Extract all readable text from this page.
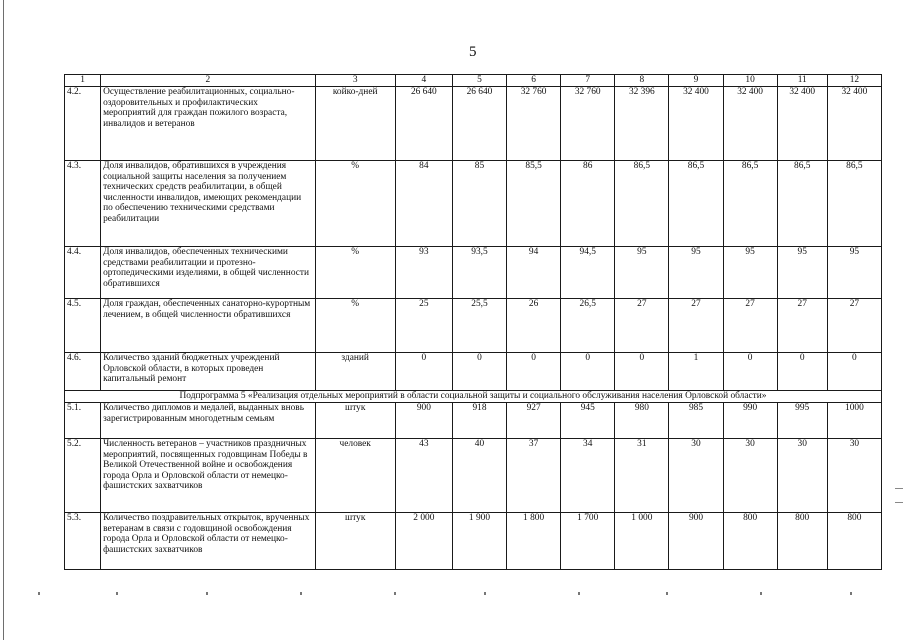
5
1	2	3	4	5	6	7	8	9	10	11	12
4.2.	Осуществление реабилитационных, социально-оздоровительных и профилактических мероприятий для граждан пожилого возраста, инвалидов и ветеранов	койко-дней	26 640	26 640	32 760	32 760	32 396	32 400	32 400	32 400	32 400
4.3.	Доля инвалидов, обратившихся в учреждения социальной защиты населения за получением технических средств реабилитации, в общей численности инвалидов, имеющих рекомендации по обеспечению техническими средствами реабилитации	%	84	85	85,5	86	86,5	86,5	86,5	86,5	86,5
4.4.	Доля инвалидов, обеспеченных техническими средствами реабилитации и протезно-ортопедическими изделиями, в общей численности обратившихся	%	93	93,5	94	94,5	95	95	95	95	95
4.5.	Доля граждан, обеспеченных санаторно-курортным лечением, в общей численности обратившихся	%	25	25,5	26	26,5	27	27	27	27	27
4.6.	Количество зданий бюджетных учреждений Орловской области, в которых проведен капитальный ремонт	зданий	0	0	0	0	0	1	0	0	0
Подпрограмма 5 «Реализация отдельных мероприятий в области социальной защиты и социального обслуживания населения Орловской области»											
5.1.	Количество дипломов и медалей, выданных вновь зарегистрированным многодетным семьям	штук	900	918	927	945	980	985	990	995	1000
5.2.	Численность ветеранов – участников праздничных мероприятий, посвященных годовщинам Победы в Великой Отечественной войне и освобождения города Орла и Орловской области от немецко-фашистских захватчиков	человек	43	40	37	34	31	30	30	30	30
5.3.	Количество поздравительных открыток, врученных ветеранам в связи с годовщиной освобождения города Орла и Орловской области от немецко-фашистских захватчиков	штук	2 000	1 900	1 800	1 700	1 000	900	800	800	800
